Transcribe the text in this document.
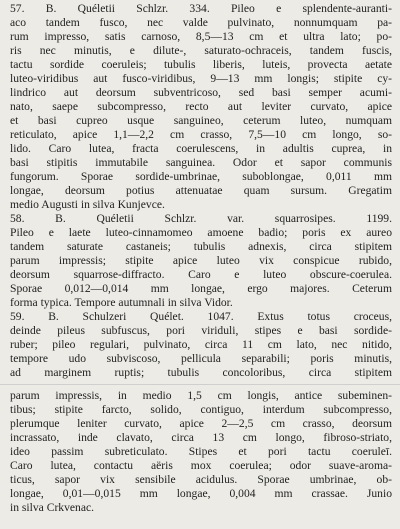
57. B. Quéletii Schlzr. 334. Pileo e splendente-auranti-
aco tandem fusco, nec valde pulvinato, nonnumquam pa-
rum impresso, satis carnoso, 8,5—13 cm et ultra lato; po-
ris nec minutis, e dilute-, saturato-ochraceis, tandem fuscis,
tactu sordide coeruleis; tubulis liberis, luteis, provecta aetate
luteo-viridibus aut fusco-viridibus, 9—13 mm longis; stipite cy-
lindrico aut deorsum subventricoso, sed basi semper acumi-
nato, saepe subcompresso, recto aut leviter curvato, apice
et basi cupreo usque sanguineo, ceterum luteo, numquam
reticulato, apice 1,1—2,2 cm crasso, 7,5—10 cm longo, so-
lido. Caro lutea, fracta coerulescens, in adultis cuprea, in
basi stipitis immutabile sanguinea. Odor et sapor communis
fungorum. Sporae sordide-umbrinae, suboblongae, 0,011 mm
longae, deorsum potius attenuatae quam sursum. Gregatim
medio Augusti in silva Kunjevce.
58. B. Quéletii Schlzr. var. squarrosipes. 1199.
Pileo e laete luteo-cinnamomeo amoene badio; poris ex aureo
tandem saturate castaneis; tubulis adnexis, circa stipitem
parum impressis; stipite apice luteo vix conspicue rubido,
deorsum squarrose-diffracto. Caro e luteo obscure-coerulea.
Sporae 0,012—0,014 mm longae, ergo majores. Ceterum
forma typica. Tempore autumnali in silva Vidor.
59. B. Schulzeri Quélet. 1047. Extus totus croceus,
deinde pileus subfuscus, pori viriduli, stipes e basi sordide-
ruber; pileo regulari, pulvinato, circa 11 cm lato, nec nitido,
tempore udo subviscoso, pellicula separabili; poris minutis,
ad marginem ruptis; tubulis concoloribus, circa stipitem
parum impressis, in medio 1,5 cm longis, antice subeminen-
tibus; stipite farcto, solido, contiguo, interdum subcompresso,
plerumque leniter curvato, apice 2—2,5 cm crasso, deorsum
incrassato, inde clavato, circa 13 cm longo, fibroso-striato,
ideo passim subreticulato. Stipes et pori tactu coeruleī.
Caro lutea, contactu aëris mox coerulea; odor suave-aroma-
ticus, sapor vix sensibile acidulus. Sporae umbrinae, ob-
longae, 0,01—0,015 mm longae, 0,004 mm crassae. Junio
in silva Crkvenac.
